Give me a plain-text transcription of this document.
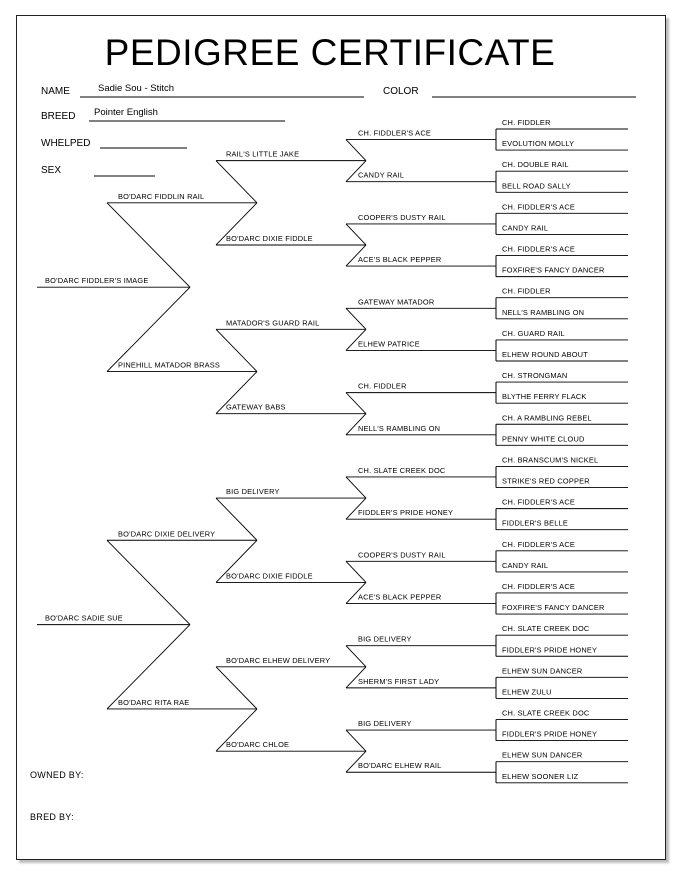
PEDIGREE CERTIFICATE
NAME	Sadie Sou - Stitch	COLOR
BREED Pointer English
WHELPED
SEX
OWNED BY:
BRED BY:
BO'DARC FIDDLER'S IMAGE
BO'DARC SADIE SUE
BO'DARC FIDDLIN RAIL
PINEHILL MATADOR BRASS
BO'DARC DIXIE DELIVERY
BO'DARC RITA RAE
RAIL'S LITTLE JAKE
BO'DARC DIXIE FIDDLE
MATADOR'S GUARD RAIL
GATEWAY BABS
BIG DELIVERY
BO'DARC DIXIE FIDDLE
BO'DARC ELHEW DELIVERY
BO'DARC CHLOE
CH. FIDDLER'S ACE
CANDY RAIL
COOPER'S DUSTY RAIL
ACE'S BLACK PEPPER
GATEWAY MATADOR
ELHEW PATRICE
CH. FIDDLER
NELL'S RAMBLING ON
CH. SLATE CREEK DOC
FIDDLER'S PRIDE HONEY
COOPER'S DUSTY RAIL
ACE'S BLACK PEPPER
BIG DELIVERY
SHERM'S FIRST LADY
BIG DELIVERY
BO'DARC ELHEW RAIL
CH. FIDDLER
EVOLUTION MOLLY
CH. DOUBLE RAIL
BELL ROAD SALLY
CH. FIDDLER'S ACE
CANDY RAIL
CH. FIDDLER'S ACE
FOXFIRE'S FANCY DANCER
CH. FIDDLER
NELL'S RAMBLING ON
CH. GUARD RAIL
ELHEW ROUND ABOUT
CH. STRONGMAN
BLYTHE FERRY FLACK
CH. A RAMBLING REBEL
PENNY WHITE CLOUD
CH. BRANSCUM'S NICKEL
STRIKE'S RED COPPER
CH. FIDDLER'S ACE
FIDDLER'S BELLE
CH. FIDDLER'S ACE
CANDY RAIL
CH. FIDDLER'S ACE
FOXFIRE'S FANCY DANCER
CH. SLATE CREEK DOC
FIDDLER'S PRIDE HONEY
ELHEW SUN DANCER
ELHEW ZULU
CH. SLATE CREEK DOC
FIDDLER'S PRIDE HONEY
ELHEW SUN DANCER
ELHEW SOONER LIZ
